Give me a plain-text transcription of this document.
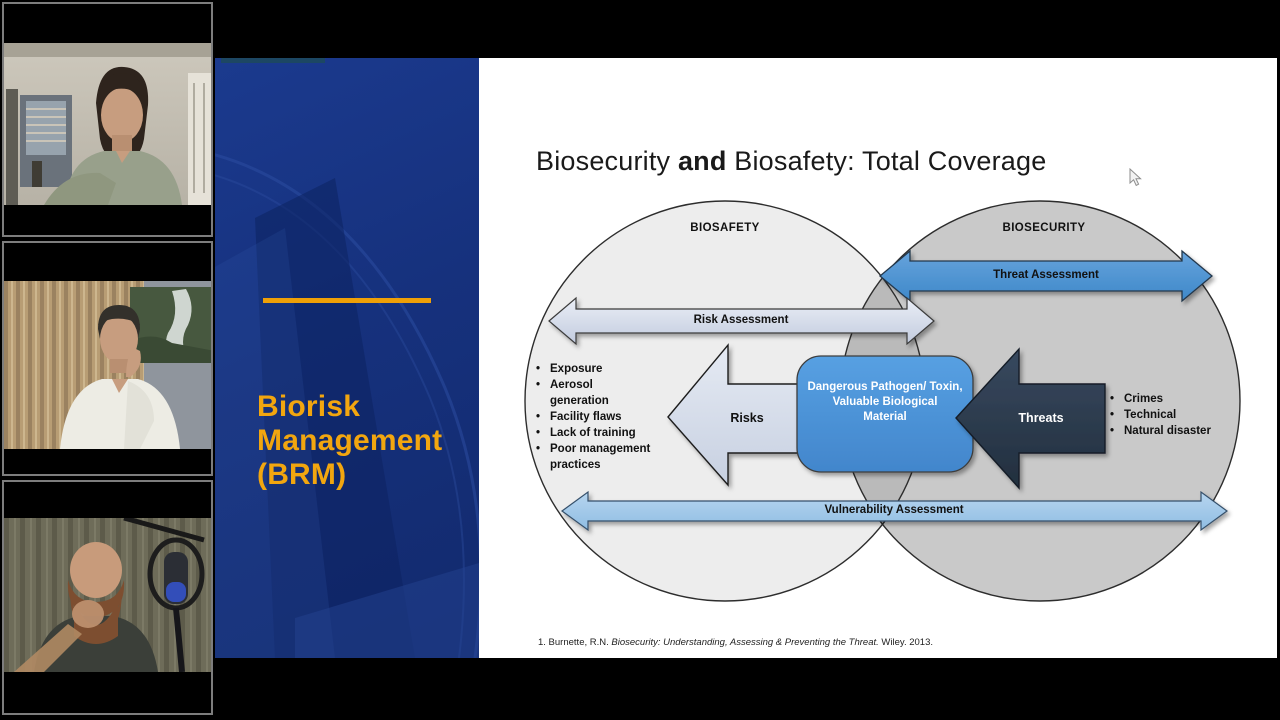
Biorisk
Management
(BRM)
Biosecurity and Biosafety: Total Coverage
BIOSAFETY	BIOSECURITY
Threat Assessment
Risk Assessment
Vulnerability Assessment
Risks	Threats
Dangerous Pathogen/ Toxin,
Valuable Biological
Material
• Exposure
• Aerosol generation
• Facility flaws
• Lack of training
• Poor management practices
• Crimes
• Technical
• Natural disaster
1. Burnette, R.N. Biosecurity: Understanding, Assessing & Preventing the Threat. Wiley. 2013.
